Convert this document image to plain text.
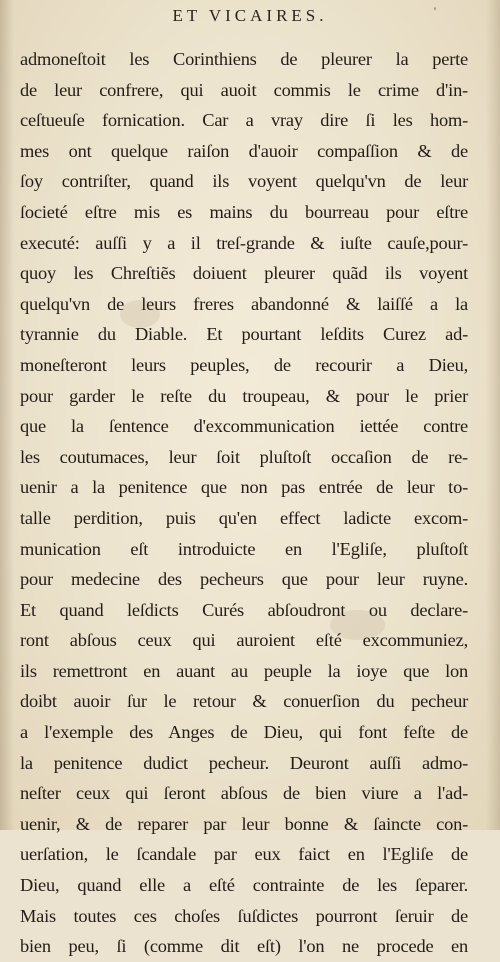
ET VICAIRES.	'
admoneſtoit les Corinthiens de pleurer la perte
de leur confrere, qui auoit commis le crime d'in-
ceſtueuſe fornication. Car a vray dire ſi les hom-
mes ont quelque raiſon d'auoir compaſſion & de
ſoy contriſter, quand ils voyent quelqu'vn de leur
ſocieté eſtre mis es mains du bourreau pour eſtre
executé: auſſi y a il treſ-grande & iuſte cauſe,pour-
quoy les Chreſtiẽs doiuent pleurer quãd ils voyent
quelqu'vn de leurs freres abandonné & laiſſé a la
tyrannie du Diable. Et pourtant leſdits Curez ad-
moneſteront leurs peuples, de recourir a Dieu,
pour garder le reſte du troupeau, & pour le prier
que la ſentence d'excommunication iettée contre
les coutumaces, leur ſoit pluſtoſt occaſion de re-
uenir a la penitence que non pas entrée de leur to-
talle perdition, puis qu'en effect ladicte excom-
munication eſt introduicte en l'Egliſe, pluſtoſt
pour medecine des pecheurs que pour leur ruyne.
Et quand leſdicts Curés abſoudront ou declare-
ront abſous ceux qui auroient eſté excommuniez,
ils remettront en auant au peuple la ioye que lon
doibt auoir ſur le retour & conuerſion du pecheur
a l'exemple des Anges de Dieu, qui font feſte de
la penitence dudict pecheur. Deuront auſſi admo-
neſter ceux qui ſeront abſous de bien viure a l'ad-
uenir, & de reparer par leur bonne & ſaincte con-
uerſation, le ſcandale par eux faict en l'Egliſe de
Dieu, quand elle a eſté contrainte de les ſeparer.
Mais toutes ces choſes ſuſdictes pourront ſeruir de
bien peu, ſi (comme dit eſt) l'on ne procede en
